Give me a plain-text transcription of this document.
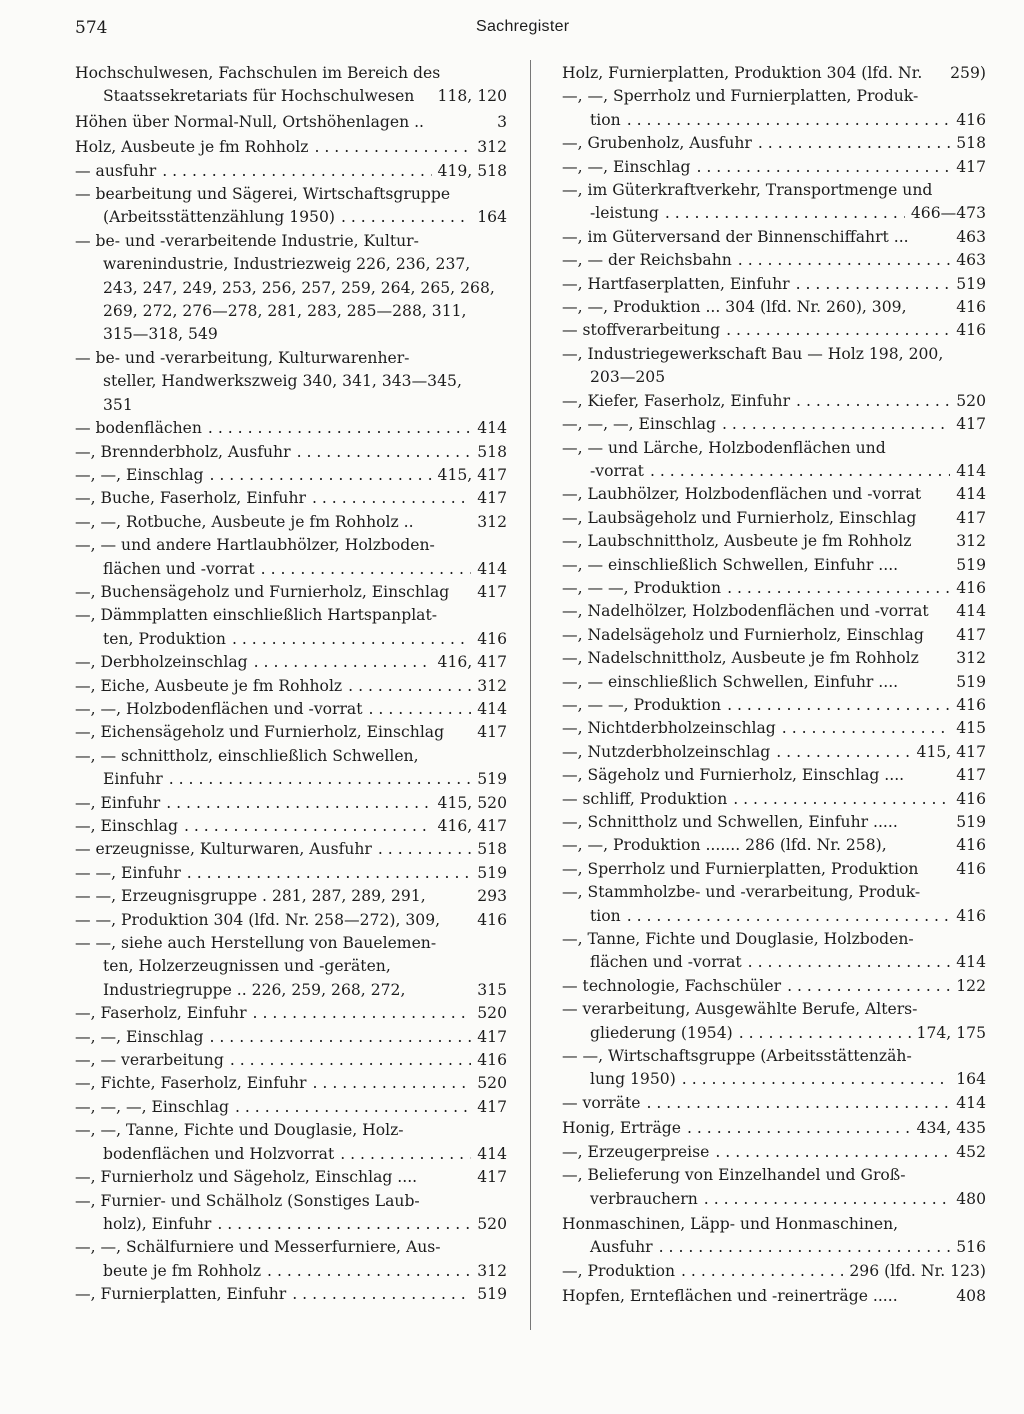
574	Sachregister
Hochschulwesen, Fachschulen im Bereich des
Staatssekretariats für Hochschulwesen 118, 120
Höhen über Normal-Null, Ortshöhenlagen ..	3
Holz, Ausbeute je fm Rohholz . . .	312
— ausfuhr . . .	419, 518
— bearbeitung und Sägerei, Wirtschaftsgruppe
(Arbeitsstättenzählung 1950) . . .	164
— be- und -verarbeitende Industrie, Kultur-
warenindustrie, Industriezweig 226, 236, 237,
243, 247, 249, 253, 256, 257, 259, 264, 265, 268,
269, 272, 276—278, 281, 283, 285—288, 311,
315—318, 549
— be- und -verarbeitung, Kulturwarenher-
steller, Handwerkszweig 340, 341, 343—345,
351
— bodenflächen . . .	414
—, Brennderbholz, Ausfuhr . . .	518
—, —, Einschlag . . .	415, 417
—, Buche, Faserholz, Einfuhr . . .	417
—, —, Rotbuche, Ausbeute je fm Rohholz ..	312
—, — und andere Hartlaubhölzer, Holzboden-
flächen und -vorrat . . .	414
—, Buchensägeholz und Furnierholz, Einschlag 417
—, Dämmplatten einschließlich Hartspanplat-
ten, Produktion . . .	416
—, Derbholzeinschlag . . .	416, 417
—, Eiche, Ausbeute je fm Rohholz . . .	312
—, —, Holzbodenflächen und -vorrat . . .	414
—, Eichensägeholz und Furnierholz, Einschlag 417
—, — schnittholz, einschließlich Schwellen,
Einfuhr . . .	519
—, Einfuhr . . .	415, 520
—, Einschlag . . .	416, 417
— erzeugnisse, Kulturwaren, Ausfuhr . . .	518
— —, Einfuhr . . .	519
— —, Erzeugnisgruppe . 281, 287, 289, 291,	293
— —, Produktion 304 (lfd. Nr. 258—272), 309, 416
— —, siehe auch Herstellung von Bauelemen-
ten, Holzerzeugnissen und -geräten,
Industriegruppe .. 226, 259, 268, 272,	315
—, Faserholz, Einfuhr . . .	520
—, —, Einschlag . . .	417
—, — verarbeitung . . .	416
—, Fichte, Faserholz, Einfuhr . . .	520
—, —, —, Einschlag . . .	417
—, —, Tanne, Fichte und Douglasie, Holz-
bodenflächen und Holzvorrat . . .	414
—, Furnierholz und Sägeholz, Einschlag ....	417
—, Furnier- und Schälholz (Sonstiges Laub-
holz), Einfuhr . . .	520
—, —, Schälfurniere und Messerfurniere, Aus-
beute je fm Rohholz . . .	312
—, Furnierplatten, Einfuhr . . .	519
Holz, Furnierplatten, Produktion 304 (lfd. Nr. 259)
—, —, Sperrholz und Furnierplatten, Produk-
tion . . .	416
—, Grubenholz, Ausfuhr . . .	518
—, —, Einschlag . . .	417
—, im Güterkraftverkehr, Transportmenge und
-leistung . . .	466—473
—, im Güterversand der Binnenschiffahrt ...	463
—, — der Reichsbahn . . .	463
—, Hartfaserplatten, Einfuhr . . .	519
—, —, Produktion ... 304 (lfd. Nr. 260), 309,	416
— stoffverarbeitung . . .	416
—, Industriegewerkschaft Bau — Holz 198, 200,
203—205
—, Kiefer, Faserholz, Einfuhr . . .	520
—, —, —, Einschlag . . .	417
—, — und Lärche, Holzbodenflächen und
-vorrat . . .	414
—, Laubhölzer, Holzbodenflächen und -vorrat 414
—, Laubsägeholz und Furnierholz, Einschlag	417
—, Laubschnittholz, Ausbeute je fm Rohholz	312
—, — einschließlich Schwellen, Einfuhr ....	519
—, — —, Produktion . . .	416
—, Nadelhölzer, Holzbodenflächen und -vorrat 414
—, Nadelsägeholz und Furnierholz, Einschlag 417
—, Nadelschnittholz, Ausbeute je fm Rohholz 312
—, — einschließlich Schwellen, Einfuhr ....	519
—, — —, Produktion . . .	416
—, Nichtderbholzeinschlag . . .	415
—, Nutzderbholzeinschlag . . .	415, 417
—, Sägeholz und Furnierholz, Einschlag ....	417
— schliff, Produktion . . .	416
—, Schnittholz und Schwellen, Einfuhr .....	519
—, —, Produktion ....... 286 (lfd. Nr. 258),	416
—, Sperrholz und Furnierplatten, Produktion 416
—, Stammholzbe- und -verarbeitung, Produk-
tion . . .	416
—, Tanne, Fichte und Douglasie, Holzboden-
flächen und -vorrat . . .	414
— technologie, Fachschüler . . .	122
— verarbeitung, Ausgewählte Berufe, Alters-
gliederung (1954) . . .	174, 175
— —, Wirtschaftsgruppe (Arbeitsstättenzäh-
lung 1950) . . .	164
— vorräte . . .	414
Honig, Erträge . . .	434, 435
—, Erzeugerpreise . . .	452
—, Belieferung von Einzelhandel und Groß-
verbrauchern . . .	480
Honmaschinen, Läpp- und Honmaschinen,
Ausfuhr . . .	516
—, Produktion . . .	296 (lfd. Nr. 123)
Hopfen, Ernteflächen und -reinerträge .....	408
